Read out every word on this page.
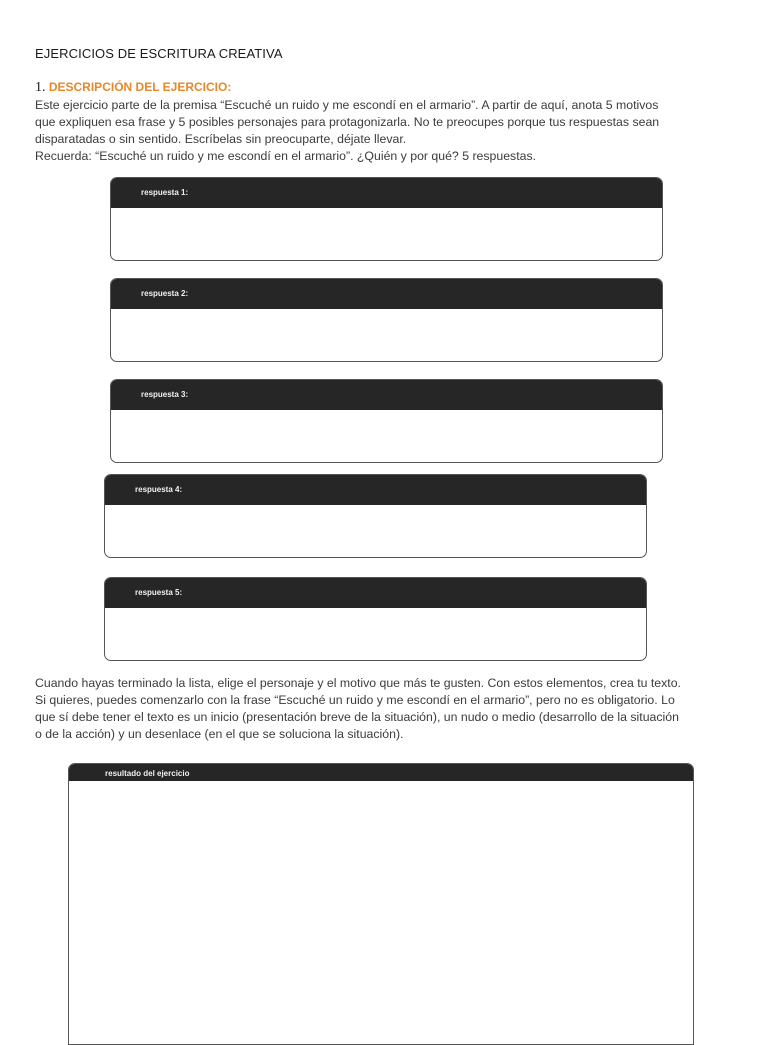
EJERCICIOS DE ESCRITURA CREATIVA
1. DESCRIPCIÓN DEL EJERCICIO:

Este ejercicio parte de la premisa “Escuché un ruido y me escondí en el armario”. A partir de aquí, anota 5 motivos

que expliquen esa frase y 5 posibles personajes para protagonizarla. No te preocupes porque tus respuestas sean

disparatadas o sin sentido. Escríbelas sin preocuparte, déjate llevar.

Recuerda: “Escuché un ruido y me escondí en el armario”. ¿Quién y por qué? 5 respuestas.

respuesta 1:
respuesta 2:
respuesta 3:
respuesta 4:
respuesta 5:

Cuando hayas terminado la lista, elige el personaje y el motivo que más te gusten. Con estos elementos, crea tu texto.

Si quieres, puedes comenzarlo con la frase “Escuché un ruido y me escondí en el armario”, pero no es obligatorio. Lo

que sí debe tener el texto es un inicio (presentación breve de la situación), un nudo o medio (desarrollo de la situación

o de la acción) y un desenlace (en el que se soluciona la situación).

resultado del ejercicio
